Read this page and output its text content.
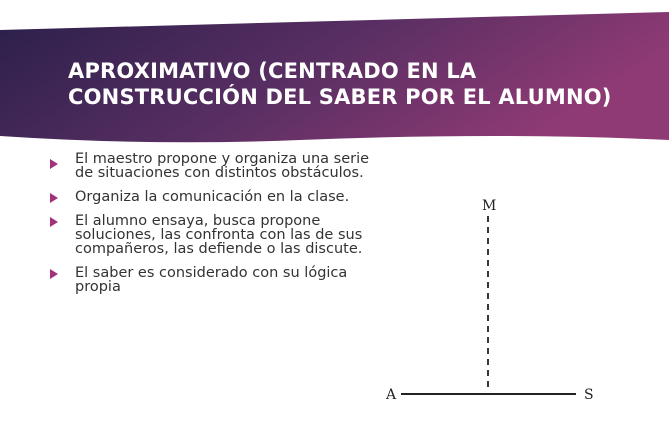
APROXIMATIVO (CENTRADO EN LA
CONSTRUCCIÓN DEL SABER POR EL ALUMNO)
El maestro propone y organiza una serie de situaciones con distintos obstáculos.
Organiza la comunicación en la clase.
El alumno ensaya, busca propone soluciones, las confronta con las de sus compañeros, las defiende o las discute.
El saber es considerado con su lógica propia
M
A	S
